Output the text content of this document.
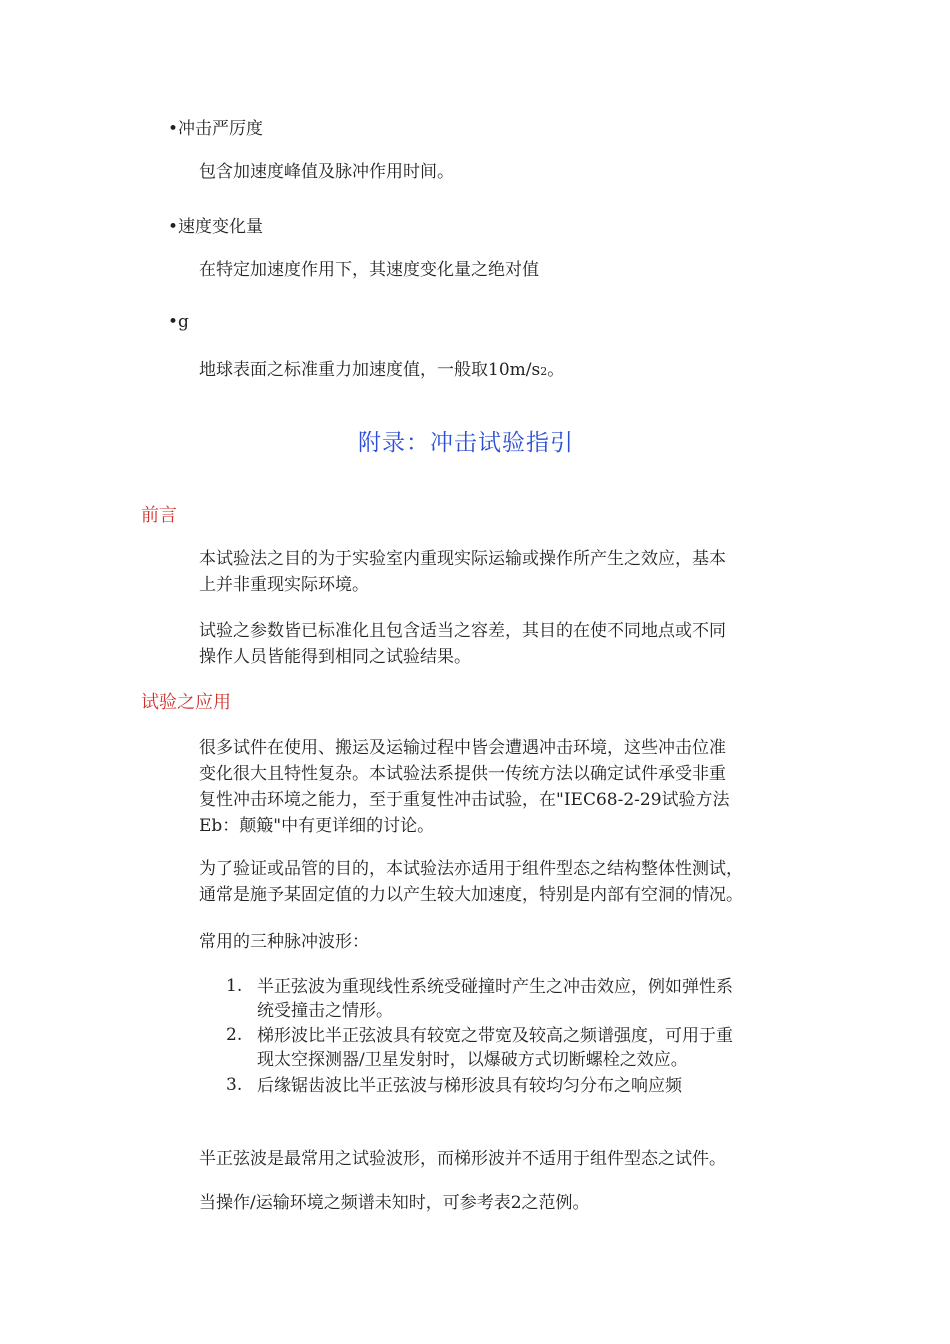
•冲击严厉度
包含加速度峰值及脉冲作用时间。
•速度变化量
在特定加速度作用下，其速度变化量之绝对值
•g
地球表面之标准重力加速度值，一般取10m/s2。
附录：冲击试验指引
前言
本试验法之目的为于实验室内重现实际运输或操作所产生之效应，基本
上并非重现实际环境。
试验之参数皆已标准化且包含适当之容差，其目的在使不同地点或不同
操作人员皆能得到相同之试验结果。
试验之应用
很多试件在使用、搬运及运输过程中皆会遭遇冲击环境，这些冲击位准
变化很大且特性复杂。本试验法系提供一传统方法以确定试件承受非重
复性冲击环境之能力，至于重复性冲击试验，在"IEC68-2-29试验方法
Eb：颠簸"中有更详细的讨论。
为了验证或品管的目的，本试验法亦适用于组件型态之结构整体性测试，
通常是施予某固定值的力以产生较大加速度，特别是内部有空洞的情况。
常用的三种脉冲波形：
1. 半正弦波为重现线性系统受碰撞时产生之冲击效应，例如弹性系
统受撞击之情形。
2. 梯形波比半正弦波具有较宽之带宽及较高之频谱强度，可用于重
现太空探测器/卫星发射时，以爆破方式切断螺栓之效应。
3. 后缘锯齿波比半正弦波与梯形波具有较均匀分布之响应频
半正弦波是最常用之试验波形，而梯形波并不适用于组件型态之试件。
当操作/运输环境之频谱未知时，可参考表2之范例。
